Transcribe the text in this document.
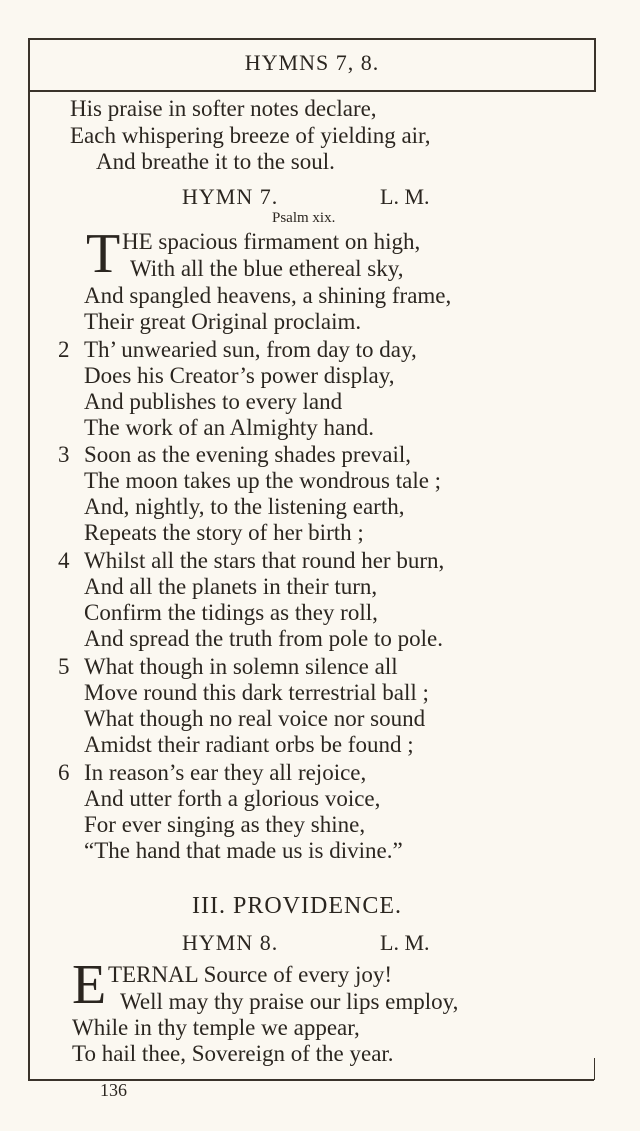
HYMNS 7, 8.
His praise in softer notes declare,
Each whispering breeze of yielding air,
And breathe it to the soul.
HYMN 7.	L. M.
Psalm xix.
T HE spacious firmament on high,
With all the blue ethereal sky,
And spangled heavens, a shining frame,
Their great Original proclaim.
2 Th’ unwearied sun, from day to day,
Does his Creator’s power display,
And publishes to every land
The work of an Almighty hand.
3 Soon as the evening shades prevail,
The moon takes up the wondrous tale ;
And, nightly, to the listening earth,
Repeats the story of her birth ;
4 Whilst all the stars that round her burn,
And all the planets in their turn,
Confirm the tidings as they roll,
And spread the truth from pole to pole.
5 What though in solemn silence all
Move round this dark terrestrial ball ;
What though no real voice nor sound
Amidst their radiant orbs be found ;
6 In reason’s ear they all rejoice,
And utter forth a glorious voice,
For ever singing as they shine,
“The hand that made us is divine.”
III. PROVIDENCE.
HYMN 8.	L. M.
E TERNAL Source of every joy!
Well may thy praise our lips employ,
While in thy temple we appear,
To hail thee, Sovereign of the year.
136
